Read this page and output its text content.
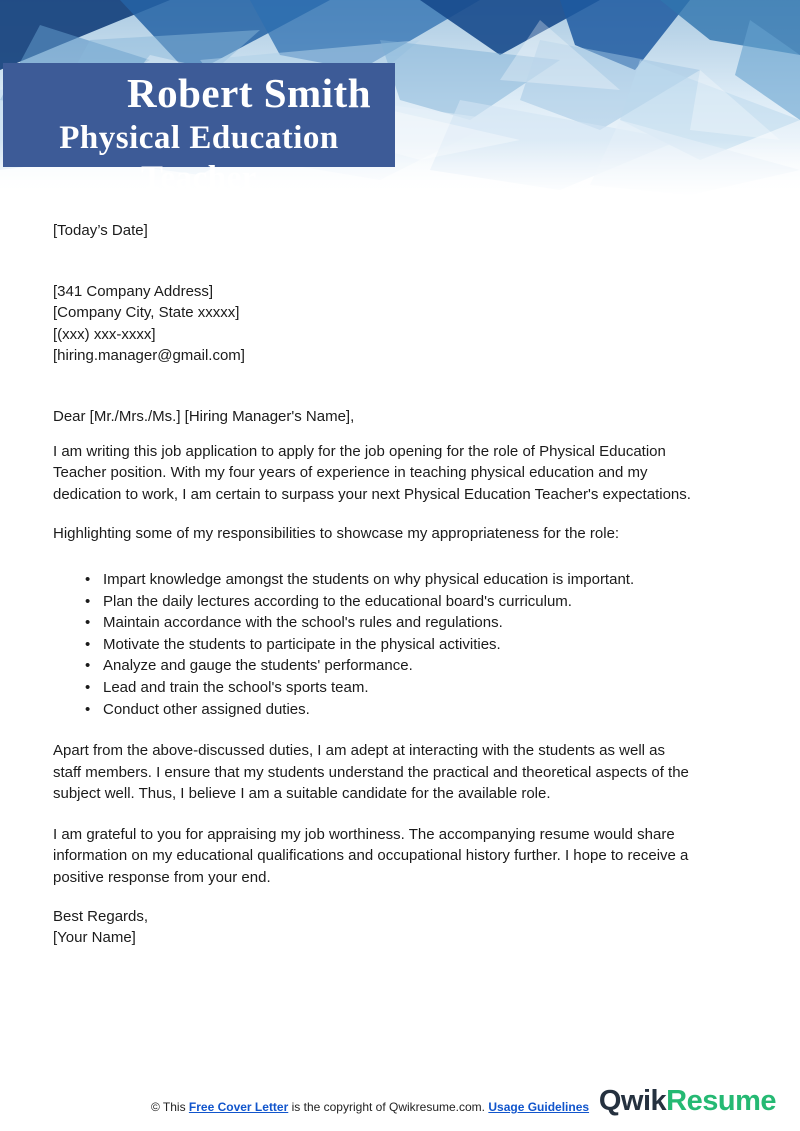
Robert Smith
Physical Education Teacher

[Today’s Date]

[341 Company Address]

[Company City, State xxxxx]

[(xxx) xxx-xxxx]

[hiring.manager@gmail.com]

Dear [Mr./Mrs./Ms.] [Hiring Manager's Name],

I am writing this job application to apply for the job opening for the role of Physical Education
Teacher position. With my four years of experience in teaching physical education and my
dedication to work, I am certain to surpass your next Physical Education Teacher's expectations.

Highlighting some of my responsibilities to showcase my appropriateness for the role:

• Impart knowledge amongst the students on why physical education is important.
• Plan the daily lectures according to the educational board's curriculum.
• Maintain accordance with the school's rules and regulations.
• Motivate the students to participate in the physical activities.
• Analyze and gauge the students' performance.
• Lead and train the school's sports team.
• Conduct other assigned duties.
Apart from the above-discussed duties, I am adept at interacting with the students as well as
staff members. I ensure that my students understand the practical and theoretical aspects of the
subject well. Thus, I believe I am a suitable candidate for the available role.
I am grateful to you for appraising my job worthiness. The accompanying resume would share
information on my educational qualifications and occupational history further. I hope to receive a
positive response from your end.

Best Regards,

[Your Name]

© This Free Cover Letter is the copyright of Qwikresume.com. Usage Guidelines QwikResume
